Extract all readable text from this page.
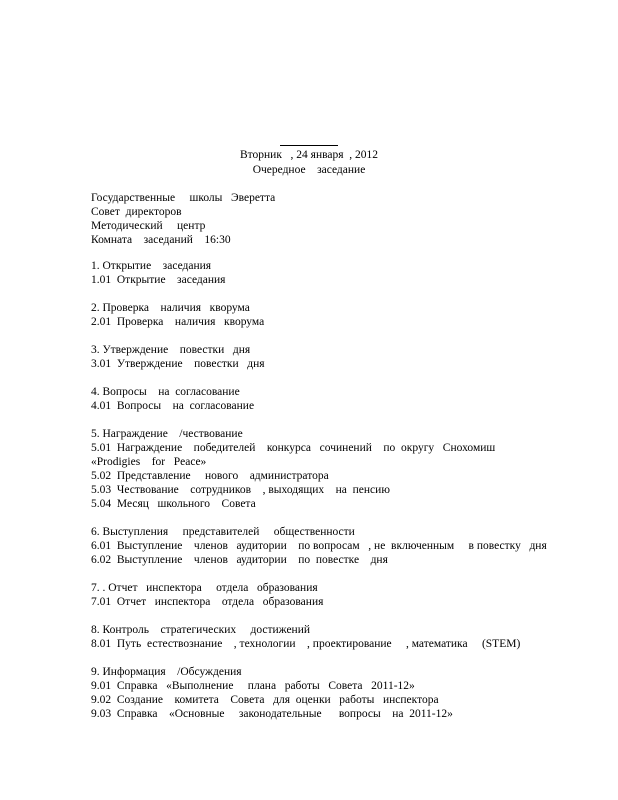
Вторник   , 24 января  , 2012
Очередное    заседание
Государственные     школы   Эверетта
Совет  директоров
Методический     центр
Комната    заседаний    16:30
1. Открытие    заседания
1.01  Открытие    заседания
2. Проверка    наличия   кворума
2.01  Проверка    наличия   кворума
3. Утверждение    повестки   дня
3.01  Утверждение    повестки   дня
4. Вопросы    на  согласование
4.01  Вопросы    на  согласование
5. Награждение    /чествование
5.01  Награждение    победителей    конкурса   сочинений    по  округу   Снохомиш
«Prodigies    for   Peace»
5.02  Представление     нового    администратора
5.03  Чествование    сотрудников    , выходящих    на  пенсию
5.04  Месяц   школьного    Совета
6. Выступления     представителей     общественности
6.01  Выступление    членов   аудитории    по вопросам   , не  включенным     в повестку   дня
6.02  Выступление    членов   аудитории    по  повестке    дня
7. . Отчет   инспектора     отдела   образования
7.01  Отчет   инспектора    отдела   образования
8. Контроль    стратегических     достижений
8.01  Путь  естествознание    , технологии    , проектирование     , математика     (STEM)
9. Информация    /Обсуждения
9.01  Справка   «Выполнение     плана   работы   Совета   2011-12»
9.02  Создание    комитета    Совета   для  оценки   работы   инспектора
9.03  Справка    «Основные     законодательные      вопросы    на  2011-12»
